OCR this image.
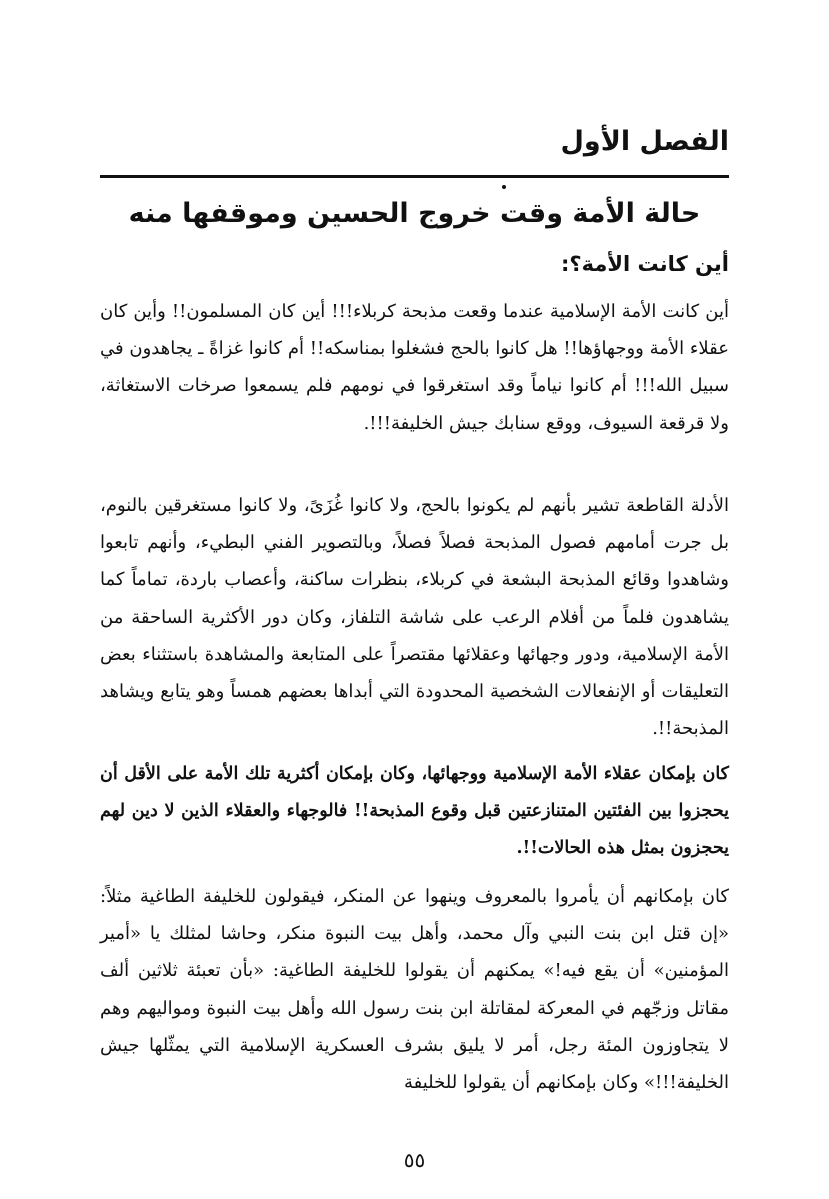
الفصل الأول
حالة الأمة وقت خروج الحسين وموقفها منه
أين كانت الأمة؟:

أين كانت الأمة الإسلامية عندما وقعت مذبحة كربلاء!!! أين كان المسلمون!! وأين كان عقلاء الأمة ووجهاؤها!! هل كانوا بالحج فشغلوا بمناسكه!! أم كانوا غزاةً ـ يجاهدون في سبيل الله!!! أم كانوا نياماً وقد استغرقوا في نومهم فلم يسمعوا صرخات الاستغاثة، ولا قرقعة السيوف، ووقع سنابك جيش الخليفة!!!.

الأدلة القاطعة تشير بأنهم لم يكونوا بالحج، ولا كانوا غُزَىً، ولا كانوا مستغرقين بالنوم، بل جرت أمامهم فصول المذبحة فصلاً فصلاً، وبالتصوير الفني البطيء، وأنهم تابعوا وشاهدوا وقائع المذبحة البشعة في كربلاء، بنظرات ساكنة، وأعصاب باردة، تماماً كما يشاهدون فلماً من أفلام الرعب على شاشة التلفاز، وكان دور الأكثرية الساحقة من الأمة الإسلامية، ودور وجهائها وعقلائها مقتصراً على المتابعة والمشاهدة باستثناء بعض التعليقات أو الإنفعالات الشخصية المحدودة التي أبداها بعضهم همساً وهو يتابع ويشاهد المذبحة!!.

كان بإمكان عقلاء الأمة الإسلامية ووجهائها، وكان بإمكان أكثرية تلك الأمة على الأقل أن يحجزوا بين الفئتين المتنازعتين قبل وقوع المذبحة!! فالوجهاء والعقلاء الذين لا دين لهم يحجزون بمثل هذه الحالات!!.

كان بإمكانهم أن يأمروا بالمعروف وينهوا عن المنكر، فيقولون للخليفة الطاغية مثلاً: «إن قتل ابن بنت النبي وآل محمد، وأهل بيت النبوة منكر، وحاشا لمثلك يا «أمير المؤمنين» أن يقع فيه!» يمكنهم أن يقولوا للخليفة الطاغية: «بأن تعبئة ثلاثين ألف مقاتل وزجّهم في المعركة لمقاتلة ابن بنت رسول الله وأهل بيت النبوة ومواليهم وهم لا يتجاوزون المئة رجل، أمر لا يليق بشرف العسكرية الإسلامية التي يمثّلها جيش الخليفة!!!» وكان بإمكانهم أن يقولوا للخليفة

٥٥
